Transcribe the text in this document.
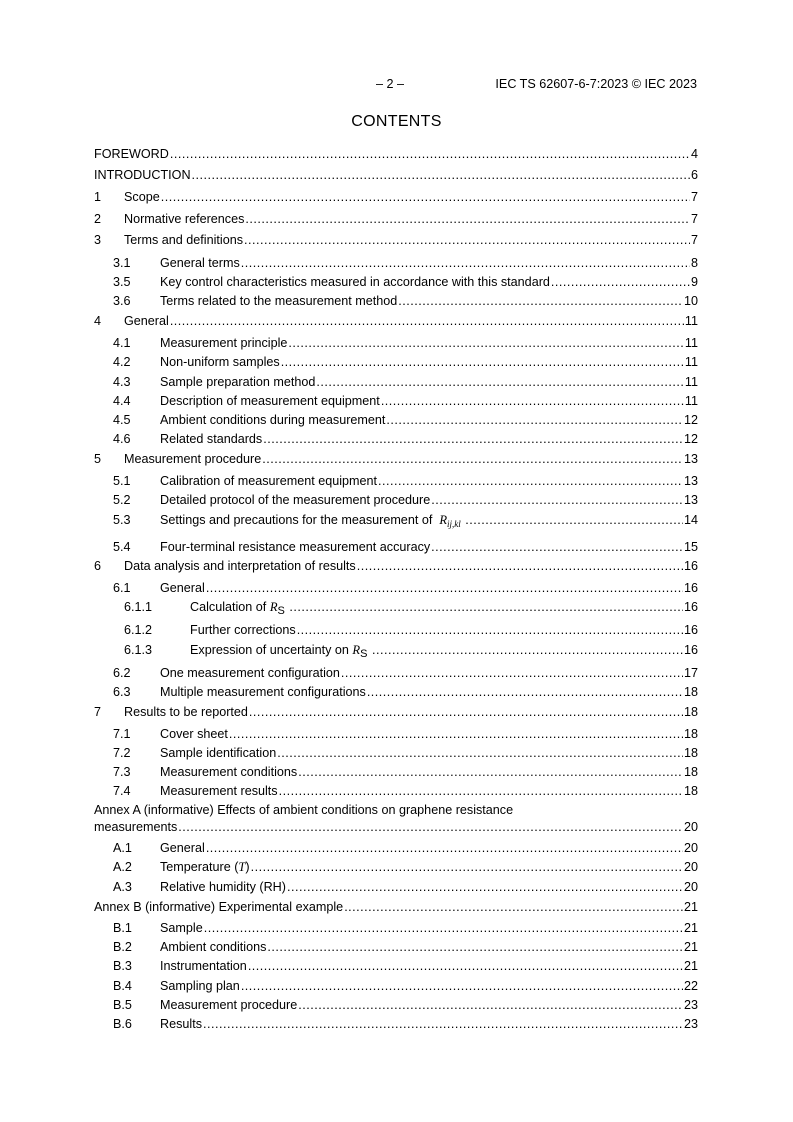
– 2 –	IEC TS 62607-6-7:2023 © IEC 2023
CONTENTS
FOREWORD .....	4
INTRODUCTION .....	6
1 Scope .....	7
2 Normative references .....	7
3 Terms and definitions .....	7
3.1 General terms .....	8
3.5 Key control characteristics measured in accordance with this standard .....	9
3.6 Terms related to the measurement method .....	10
4 General .....	11
4.1 Measurement principle .....	11
4.2 Non-uniform samples .....	11
4.3 Sample preparation method .....	11
4.4 Description of measurement equipment .....	11
4.5 Ambient conditions during measurement .....	12
4.6 Related standards .....	12
5 Measurement procedure .....	13
5.1 Calibration of measurement equipment .....	13
5.2 Detailed protocol of the measurement procedure .....	13
5.3 Settings and precautions for the measurement of $R_{ij,kl}$ .....	14
5.4 Four-terminal resistance measurement accuracy .....	15
6 Data analysis and interpretation of results .....	16
6.1 General .....	16
6.1.1	Calculation of RS .....	16
6.1.2	Further corrections .....	16
6.1.3	Expression of uncertainty on RS .....	16
6.2 One measurement configuration .....	17
6.3 Multiple measurement configurations .....	18
7 Results to be reported .....	18
7.1 Cover sheet .....	18
7.2 Sample identification .....	18
7.3 Measurement conditions .....	18
7.4 Measurement results .....	18
Annex A (informative) Effects of ambient conditions on graphene resistance
measurements .....	20
A.1 General .....	20
A.2 Temperature (T) .....	20
A.3 Relative humidity (RH) .....	20
Annex B (informative) Experimental example .....	21
B.1 Sample .....	21
B.2 Ambient conditions .....	21
B.3 Instrumentation .....	21
B.4 Sampling plan .....	22
B.5 Measurement procedure .....	23
B.6 Results .....	23
